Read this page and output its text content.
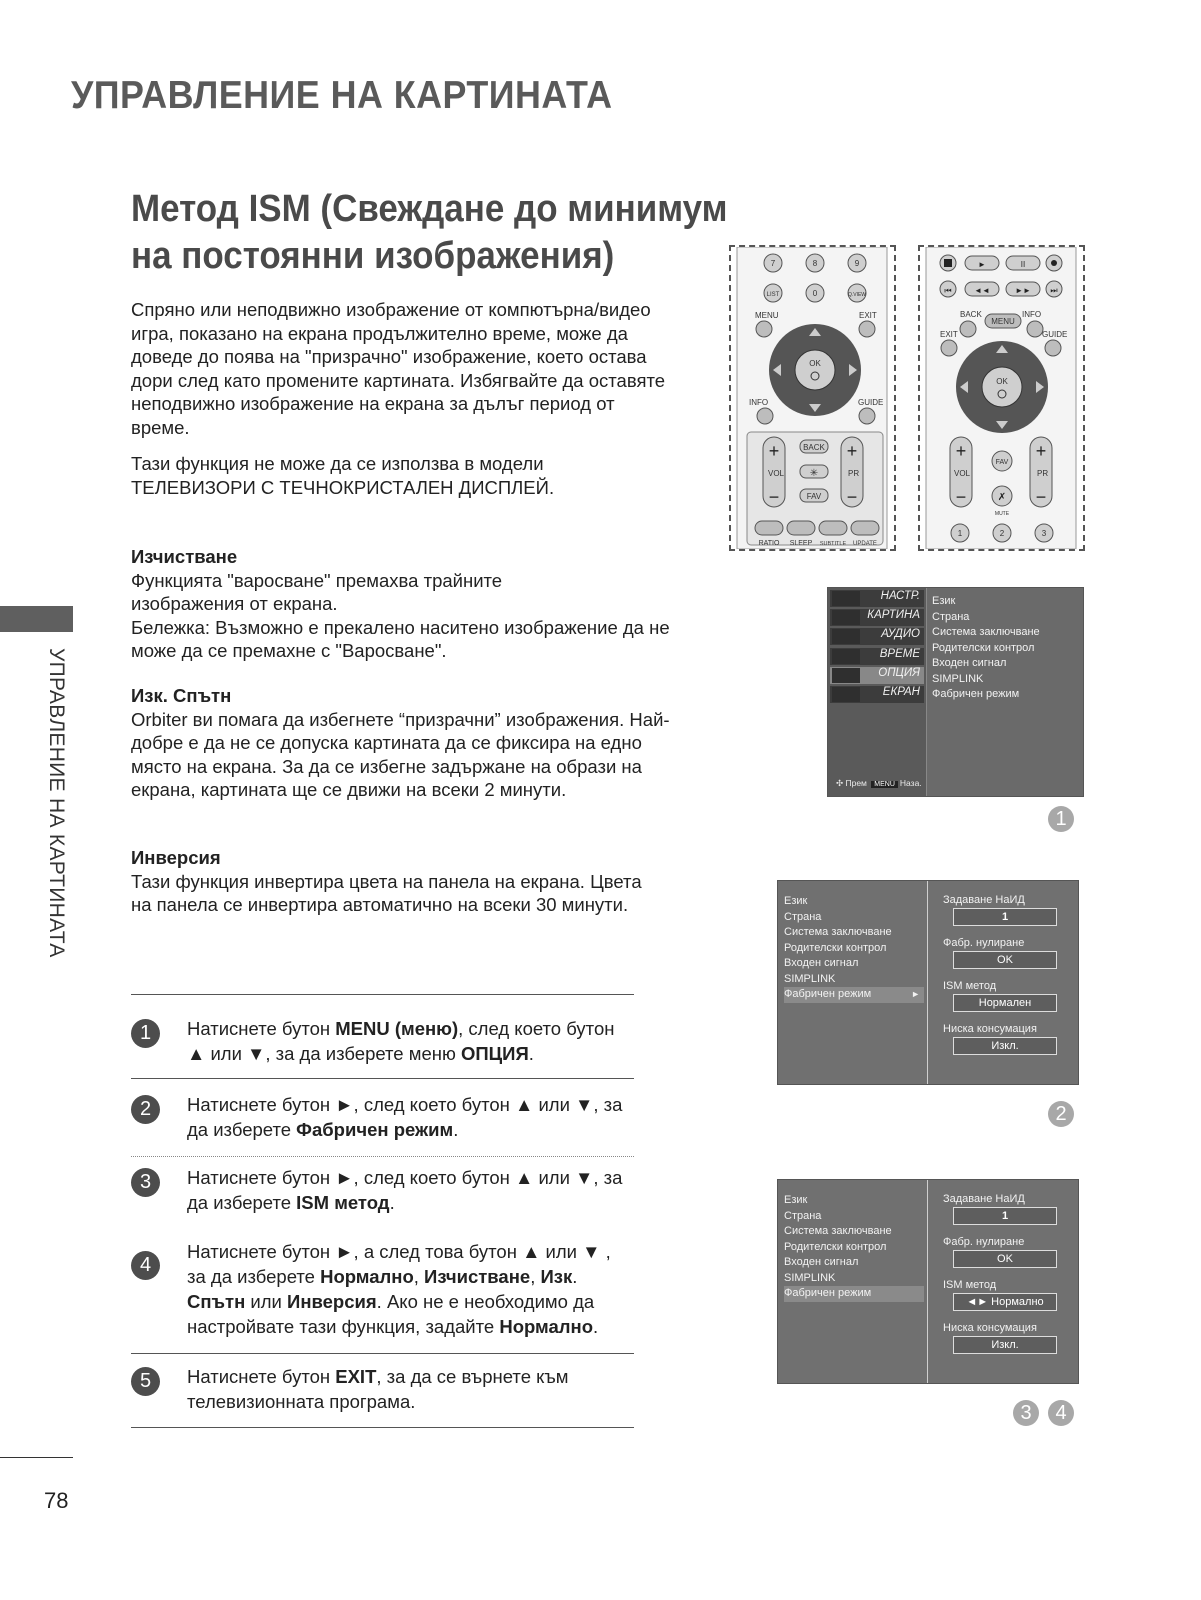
УПРАВЛЕНИЕ НА КАРТИНАТА
Метод ISM (Свеждане до минимум
на постоянни изображения)
УПРАВЛЕНИЕ НА КАРТИНАТА
78

Спряно или неподвижно изображение от компютърна/видео игра, показано на екрана продължително време, може да доведе до поява на "призрачно" изображение, което остава дори след като промените картината. Избягвайте да оставяте неподвижно изображение на екрана за дълъг период от време.

Тази функция не може да се използва в модели ТЕЛЕВИЗОРИ С ТЕЧНОКРИСТАЛЕН ДИСПЛЕЙ.

Изчистване

Функцията "варосване" премахва трайните изображения от екрана.

Бележка: Възможно е прекалено наситено изображение да не може да се премахне с "Варосване".

Изк. Спътн

Orbiter ви помага да избегнете “призрачни” изображения. Най-добре е да не се допуска картината да се фиксира на едно място на екрана. За да се избегне задържане на образи на екрана, картината ще се движи на всеки 2 минути.

Инверсия

Тази функция инвертира цвета на панела на екрана. Цвета на панела се инвертира автоматично на всеки 30 минути.

1	Натиснете бутон MENU (меню), след което бутон ▲ или ▼, за да изберете меню ОПЦИЯ.
2	Натиснете бутон ►, след което бутон ▲ или ▼, за да изберете Фабричен режим.
3	Натиснете бутон ►, след което бутон ▲ или ▼, за да изберете ISM метод.
4
Натиснете бутон ►, а след това бутон ▲ или ▼ , за да изберете Нормално, Изчистване, Изк. Спътн или Инверсия. Ако не е необходимо да настройвате тази функция, задайте Нормално.
5	Натиснете бутон EXIT, за да се върнете към телевизионната програма.
7	8	9
LIST	0	Q.VIEW
MENU	EXIT
OK
INFO	GUIDE
+
−
+
−
VOL	PR
BACK
✳
FAV
RATIO SLEEP SUBTITLE UPDATE
►	II
⏮	◄◄	►► ⏭
BACK
MENU
INFO
EXIT	GUIDE
OK
+
−
+
−
VOL	PR
FAV
✗
MUTE
1	2	3
НАСТР.
КАРТИНА
АУДИО
ВРЕМЕ
ОПЦИЯ
ЕКРАН
✣ Прем MENU Наза.
Език
Страна
Система заключване
Родителски контрол
Входен сигнал
SIMPLINK
Фабричен режим
1
Език
Страна
Система заключване
Родителски контрол
Входен сигнал
SIMPLINK
Фабричен режим	►
Задаване НаИД
1
Фабр. нулиране
OK
ISM метод
Нормален
Ниска консумация
Изкл.
2
Език
Страна
Система заключване
Родителски контрол
Входен сигнал
SIMPLINK
Фабричен режим
Задаване НаИД
1
Фабр. нулиране
OK
ISM метод
◄► Нормално
Ниска консумация
Изкл.
3	4
